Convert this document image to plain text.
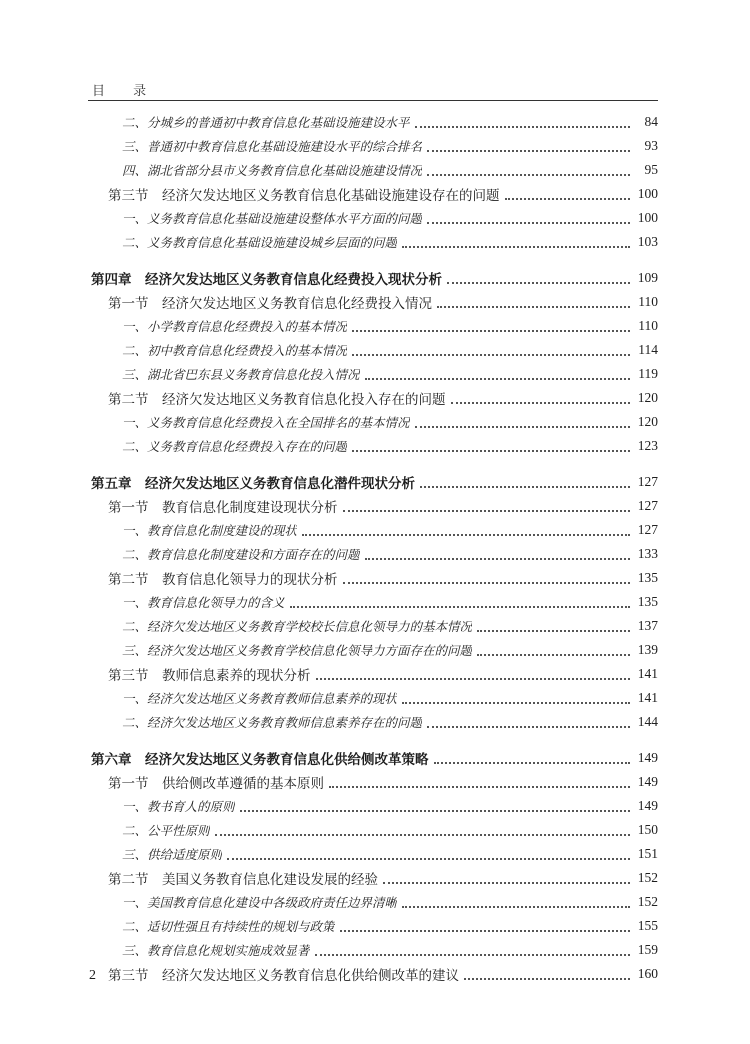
目 录
二、分城乡的普通初中教育信息化基础设施建设水平	84
三、普通初中教育信息化基础设施建设水平的综合排名	93
四、湖北省部分县市义务教育信息化基础设施建设情况	95
第三节　经济欠发达地区义务教育信息化基础设施建设存在的问题	100
一、义务教育信息化基础设施建设整体水平方面的问题	100
二、义务教育信息化基础设施建设城乡层面的问题	103
第四章　经济欠发达地区义务教育信息化经费投入现状分析	109
第一节　经济欠发达地区义务教育信息化经费投入情况	110
一、小学教育信息化经费投入的基本情况	110
二、初中教育信息化经费投入的基本情况	114
三、湖北省巴东县义务教育信息化投入情况	119
第二节　经济欠发达地区义务教育信息化投入存在的问题	120
一、义务教育信息化经费投入在全国排名的基本情况	120
二、义务教育信息化经费投入存在的问题	123
第五章　经济欠发达地区义务教育信息化潜件现状分析	127
第一节　教育信息化制度建设现状分析	127
一、教育信息化制度建设的现状	127
二、教育信息化制度建设和方面存在的问题	133
第二节　教育信息化领导力的现状分析	135
一、教育信息化领导力的含义	135
二、经济欠发达地区义务教育学校校长信息化领导力的基本情况	137
三、经济欠发达地区义务教育学校信息化领导力方面存在的问题	139
第三节　教师信息素养的现状分析	141
一、经济欠发达地区义务教育教师信息素养的现状	141
二、经济欠发达地区义务教育教师信息素养存在的问题	144
第六章　经济欠发达地区义务教育信息化供给侧改革策略	149
第一节　供给侧改革遵循的基本原则	149
一、教书育人的原则	149
二、公平性原则	150
三、供给适度原则	151
第二节　美国义务教育信息化建设发展的经验	152
一、美国教育信息化建设中各级政府责任边界清晰	152
二、适切性强且有持续性的规划与政策	155
三、教育信息化规划实施成效显著	159
第三节　经济欠发达地区义务教育信息化供给侧改革的建议	160
2
